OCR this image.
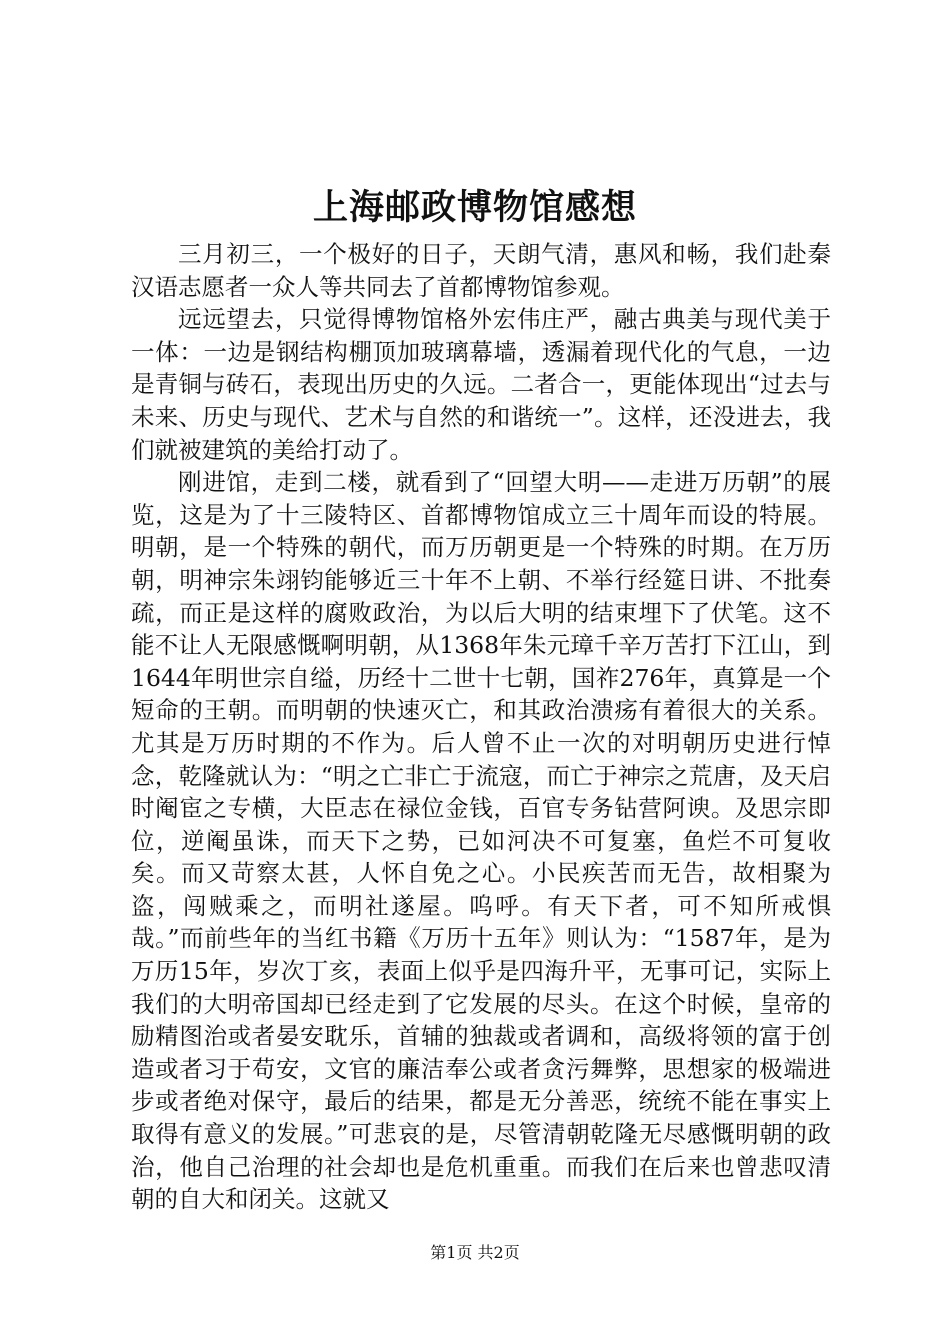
上海邮政博物馆感想

三月初三，一个极好的日子，天朗气清，惠风和畅，我们赴秦汉语志愿者一众人等共同去了首都博物馆参观。

远远望去，只觉得博物馆格外宏伟庄严，融古典美与现代美于一体：一边是钢结构棚顶加玻璃幕墙，透漏着现代化的气息，一边是青铜与砖石，表现出历史的久远。二者合一，更能体现出“过去与未来、历史与现代、艺术与自然的和谐统一”。这样，还没进去，我们就被建筑的美给打动了。

刚进馆，走到二楼，就看到了“回望大明——走进万历朝”的展览，这是为了十三陵特区、首都博物馆成立三十周年而设的特展。明朝，是一个特殊的朝代，而万历朝更是一个特殊的时期。在万历朝，明神宗朱翊钧能够近三十年不上朝、不举行经筵日讲、不批奏疏，而正是这样的腐败政治，为以后大明的结束埋下了伏笔。这不能不让人无限感慨啊明朝，从1368年朱元璋千辛万苦打下江山，到1644年明世宗自缢，历经十二世十七朝，国祚276年，真算是一个短命的王朝。而明朝的快速灭亡，和其政治溃疡有着很大的关系。尤其是万历时期的不作为。后人曾不止一次的对明朝历史进行悼念，乾隆就认为：“明之亡非亡于流寇，而亡于神宗之荒唐，及天启时阉宦之专横，大臣志在禄位金钱，百官专务钻营阿谀。及思宗即位，逆阉虽诛，而天下之势，已如河决不可复塞，鱼烂不可复收矣。而又苛察太甚，人怀自免之心。小民疾苦而无告，故相聚为盗，闯贼乘之，而明社遂屋。呜呼。有天下者，可不知所戒惧哉。”而前些年的当红书籍《万历十五年》则认为：“1587年，是为万历15年，岁次丁亥，表面上似乎是四海升平，无事可记，实际上我们的大明帝国却已经走到了它发展的尽头。在这个时候，皇帝的励精图治或者晏安耽乐，首辅的独裁或者调和，高级将领的富于创造或者习于苟安，文官的廉洁奉公或者贪污舞弊，思想家的极端进步或者绝对保守，最后的结果，都是无分善恶，统统不能在事实上取得有意义的发展。”可悲哀的是，尽管清朝乾隆无尽感慨明朝的政治，他自己治理的社会却也是危机重重。而我们在后来也曾悲叹清朝的自大和闭关。这就又

第1页 共2页
